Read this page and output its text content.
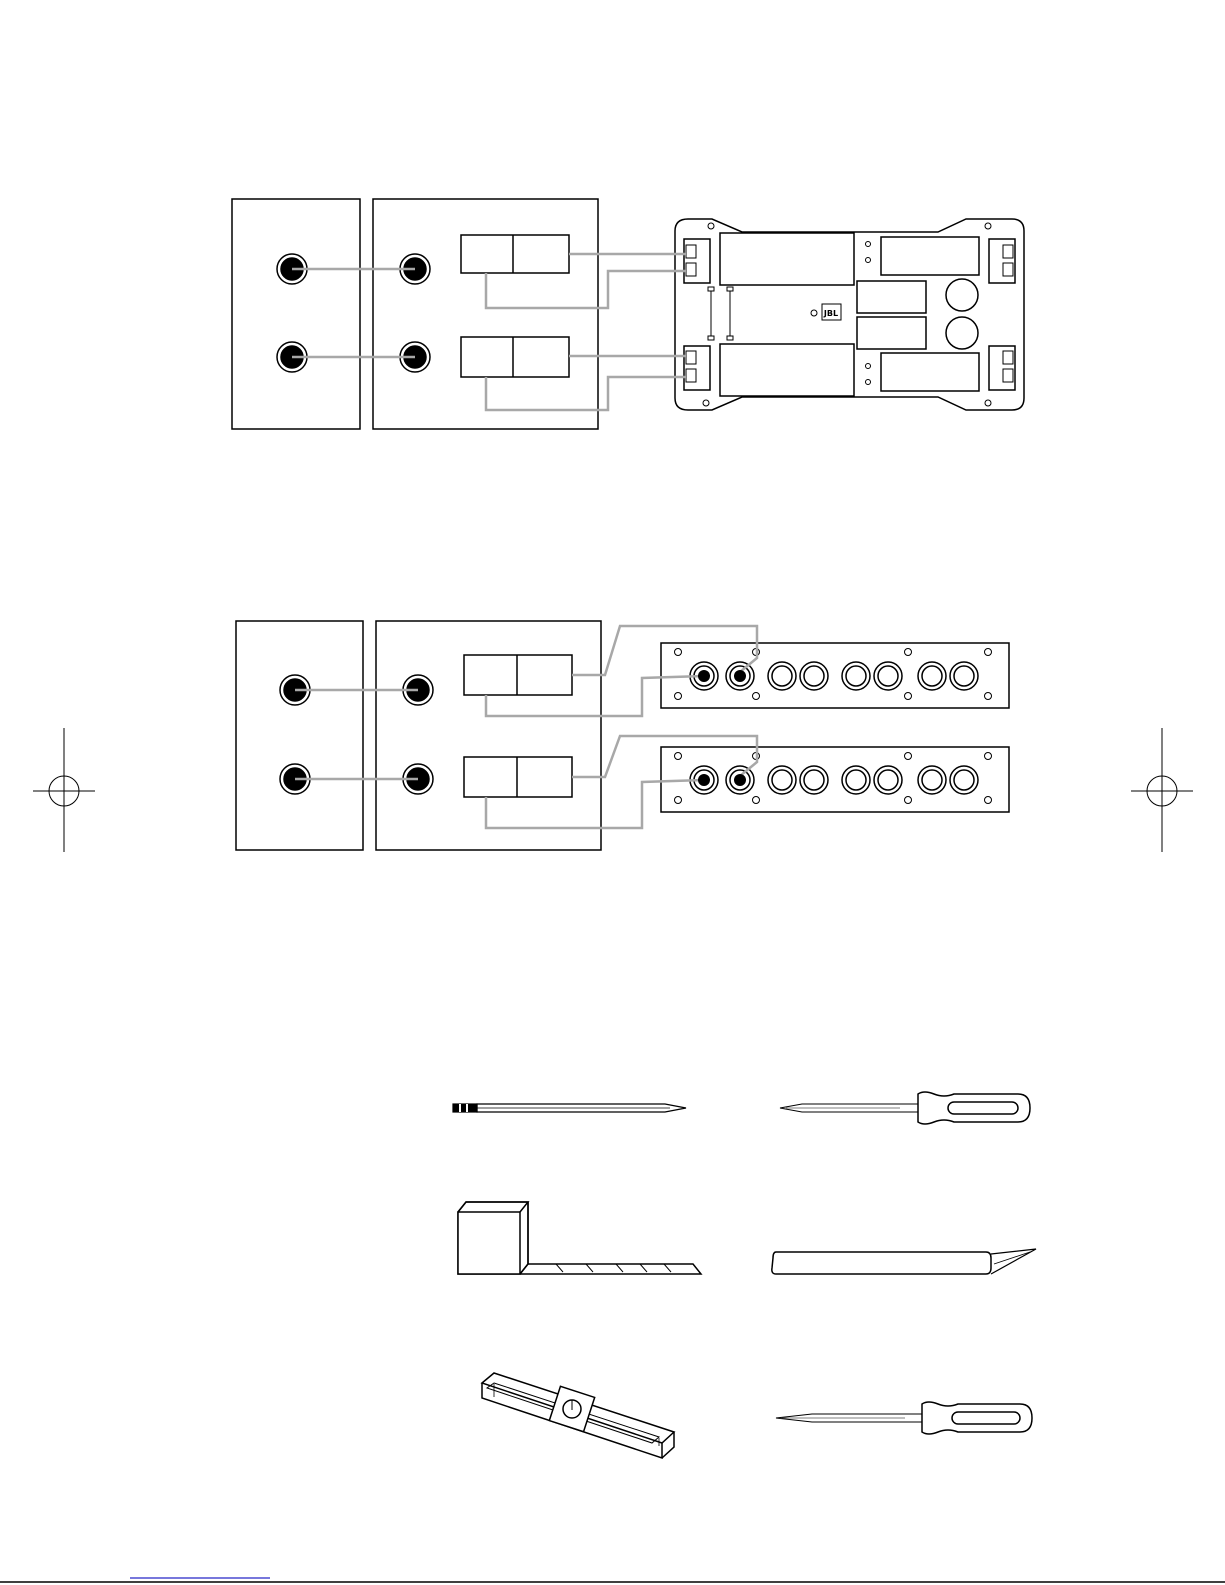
JBL
